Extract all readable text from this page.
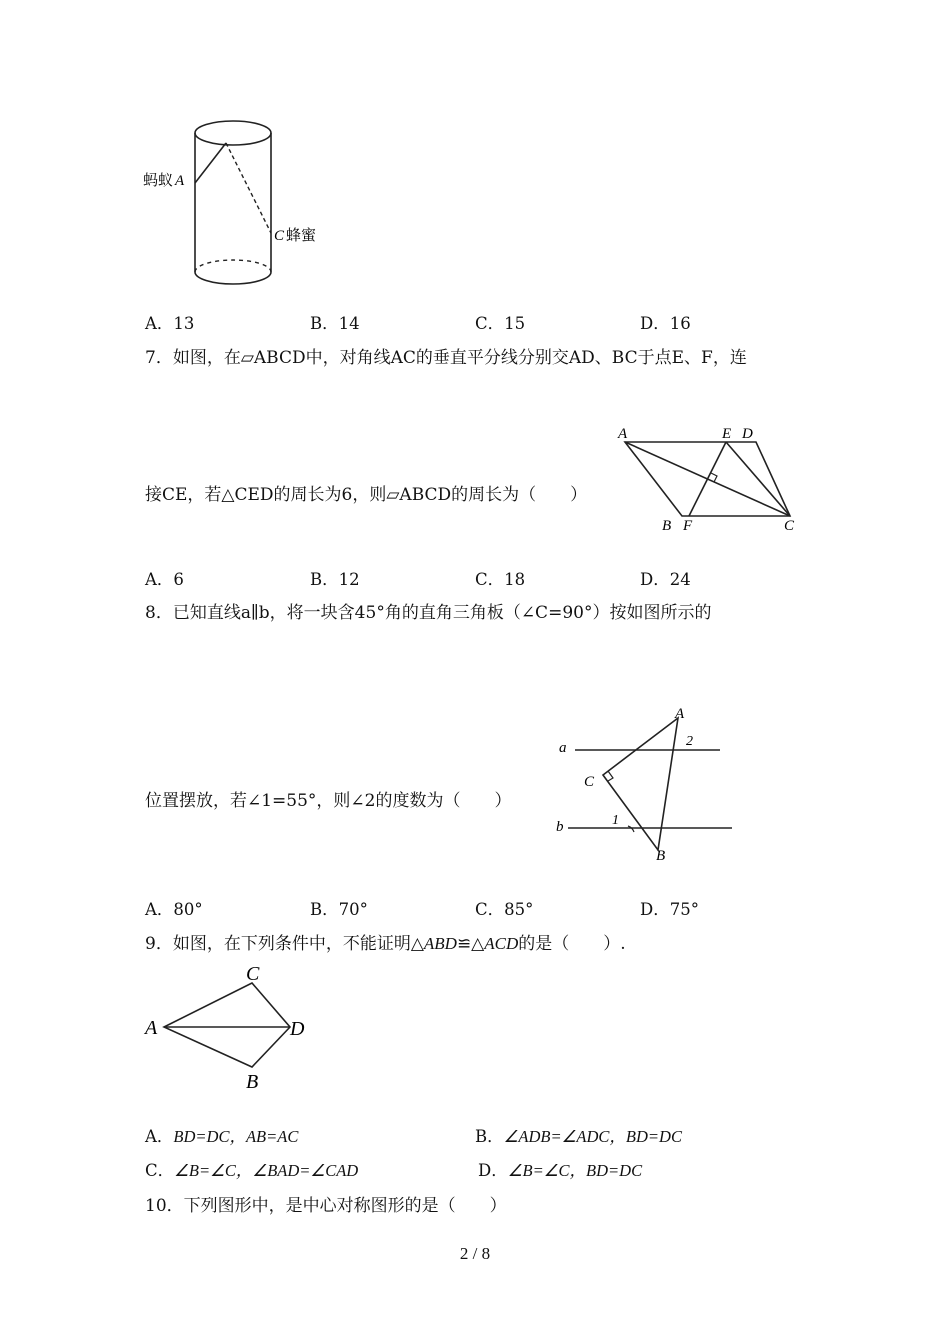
蚂蚁 A
C 蜂蜜
A．13	B．14	C．15	D．16
7．如图，在▱ABCD中，对角线AC的垂直平分线分别交AD、BC于点E、F，连
接CE，若△CED的周长为6，则▱ABCD的周长为（　　）
A	E D
B F	C
A．6	B．12	C．18	D．24
8．已知直线a∥b，将一块含45°角的直角三角板（∠C=90°）按如图所示的
位置摆放，若∠1=55°，则∠2的度数为（　　）
A
a	2
C
b	1
B
A．80°	B．70°	C．85°	D．75°
9．如图，在下列条件中，不能证明△ABD≌△ACD的是（　　）.
A
C
D
B
A．BD=DC，AB=AC	B．∠ADB=∠ADC，BD=DC
C．∠B=∠C，∠BAD=∠CAD	D．∠B=∠C，BD=DC
10．下列图形中，是中心对称图形的是（　　）
2 / 8
